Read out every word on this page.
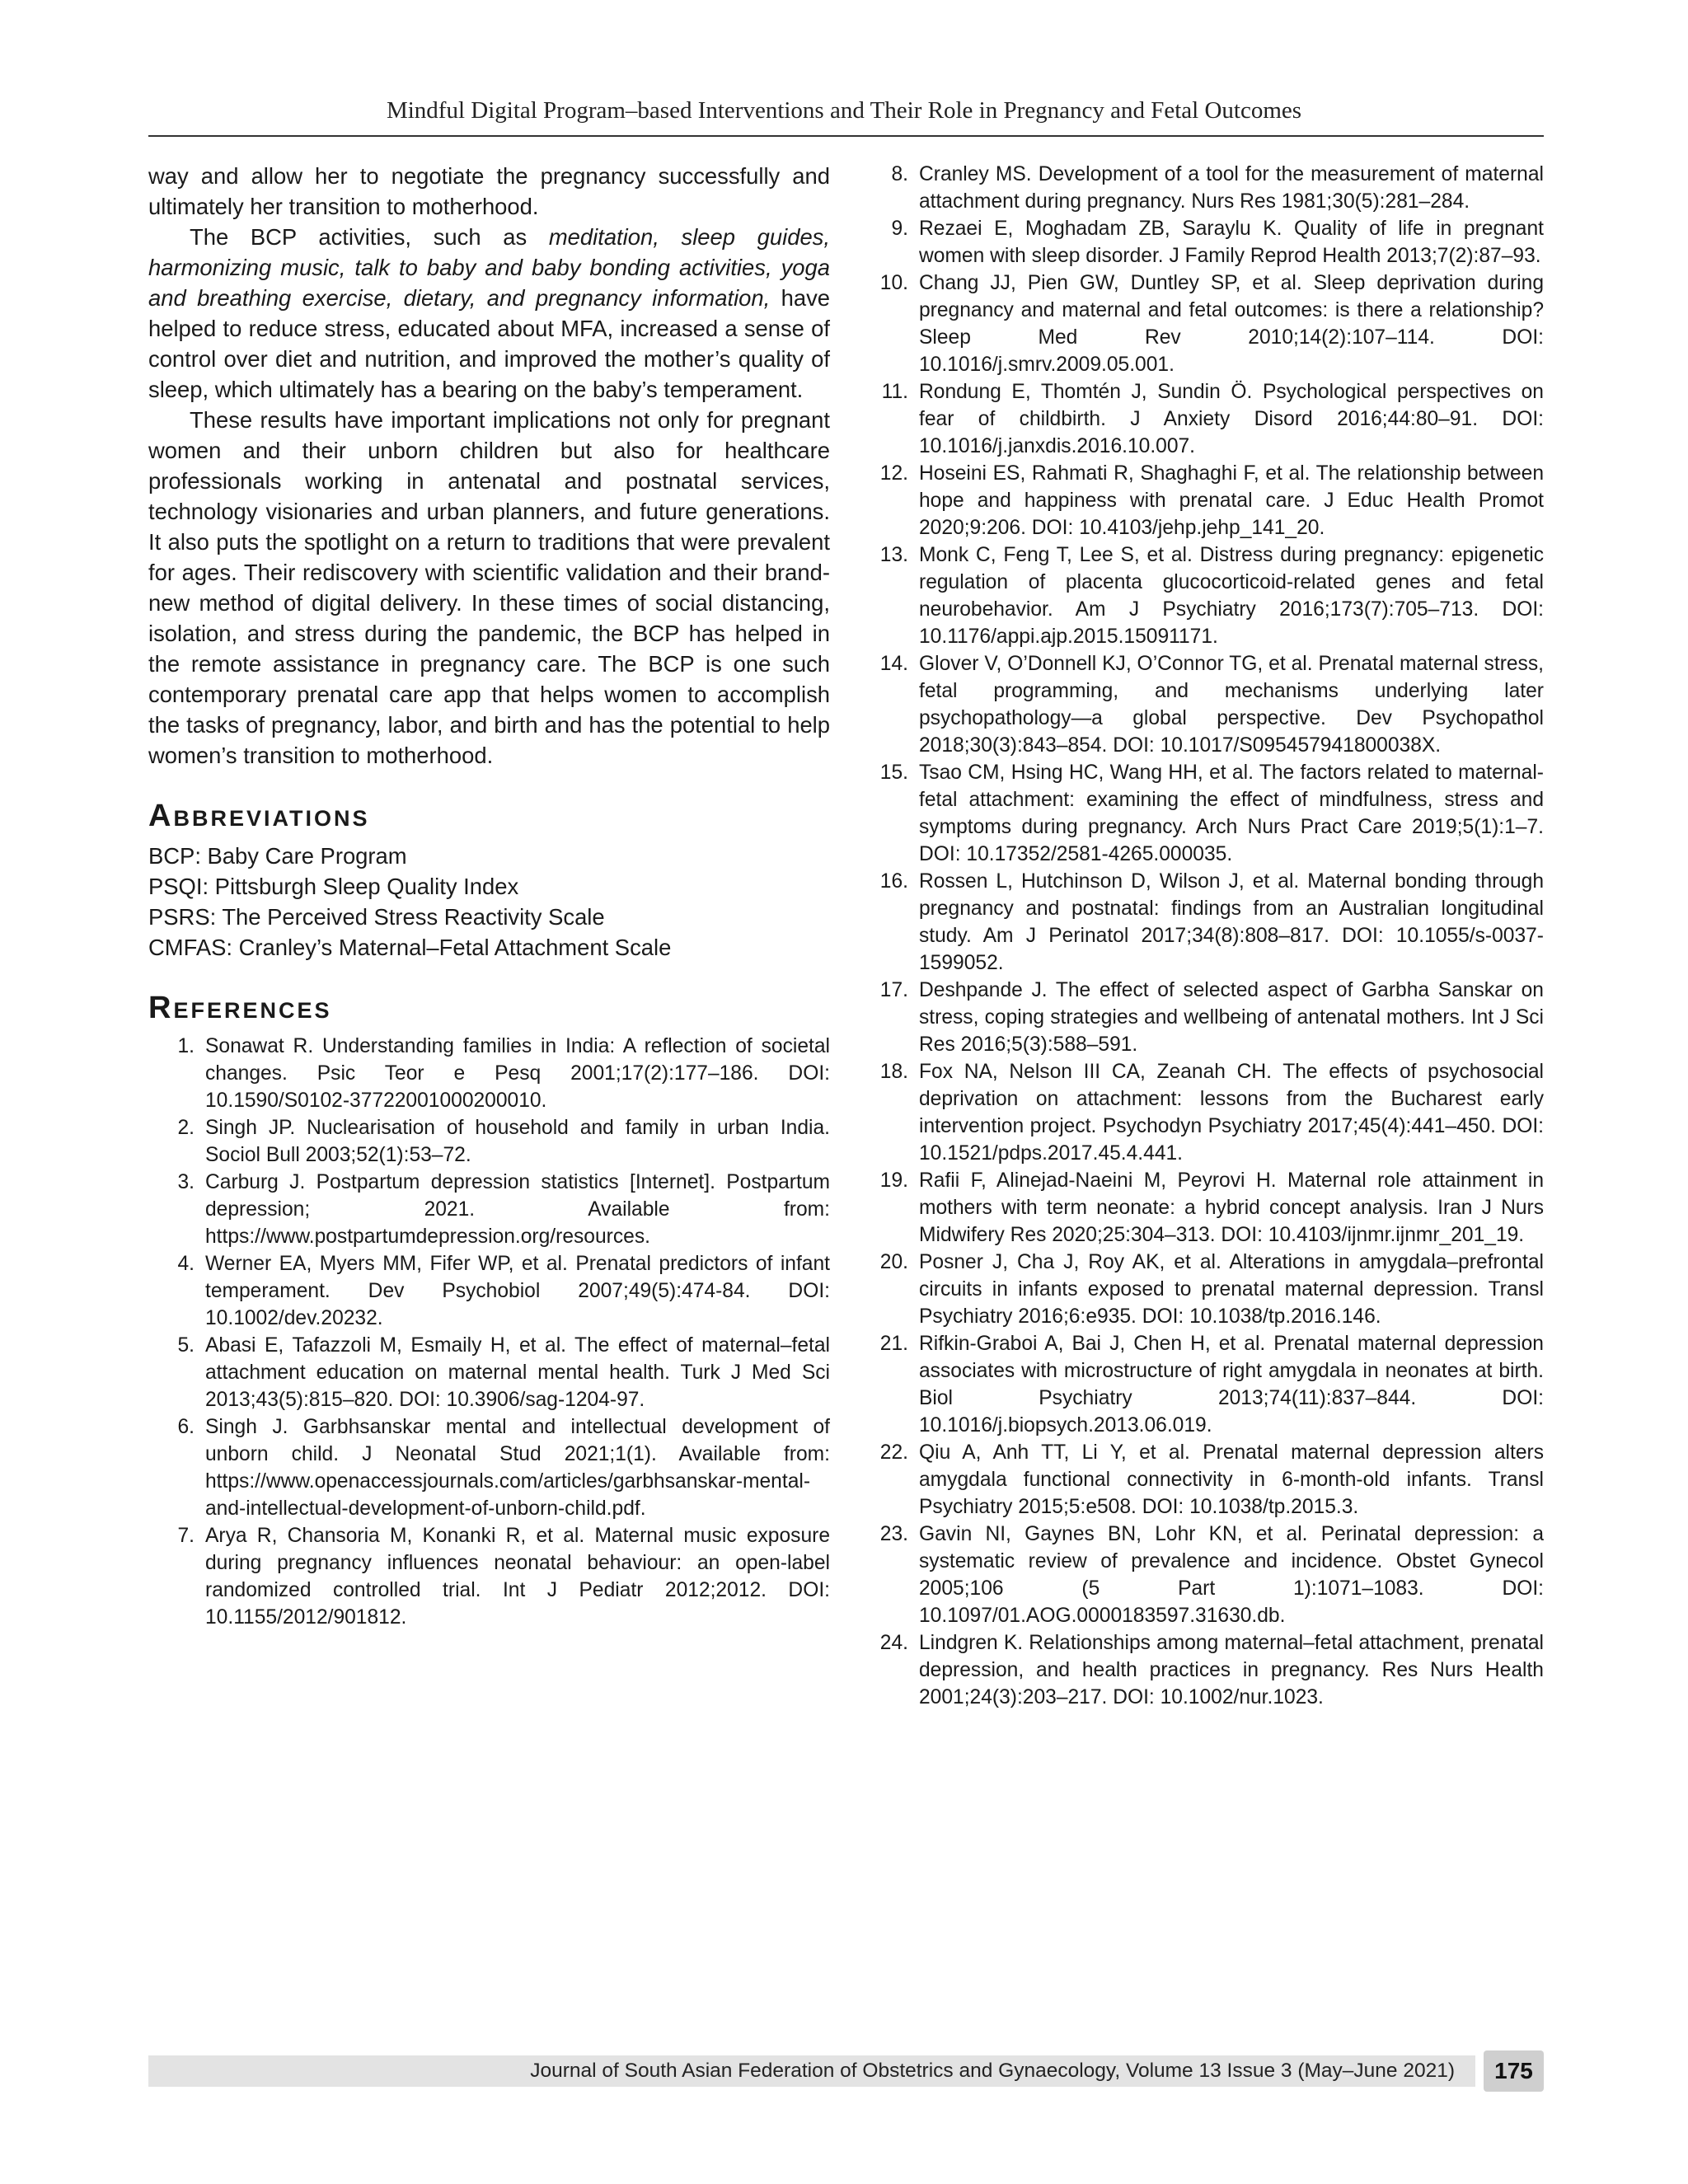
Mindful Digital Program–based Interventions and Their Role in Pregnancy and Fetal Outcomes

way and allow her to negotiate the pregnancy successfully and ultimately her transition to motherhood.

The BCP activities, such as meditation, sleep guides, harmonizing music, talk to baby and baby bonding activities, yoga and breathing exercise, dietary, and pregnancy information, have helped to reduce stress, educated about MFA, increased a sense of control over diet and nutrition, and improved the mother’s quality of sleep, which ultimately has a bearing on the baby’s temperament.

These results have important implications not only for pregnant women and their unborn children but also for healthcare professionals working in antenatal and postnatal services, technology visionaries and urban planners, and future generations. It also puts the spotlight on a return to traditions that were prevalent for ages. Their rediscovery with scientific validation and their brand-new method of digital delivery. In these times of social distancing, isolation, and stress during the pandemic, the BCP has helped in the remote assistance in pregnancy care. The BCP is one such contemporary prenatal care app that helps women to accomplish the tasks of pregnancy, labor, and birth and has the potential to help women’s transition to motherhood.

Abbreviations
BCP: Baby Care Program
PSQI: Pittsburgh Sleep Quality Index
PSRS: The Perceived Stress Reactivity Scale
CMFAS: Cranley’s Maternal–Fetal Attachment Scale
References
1. Sonawat R. Understanding families in India: A reflection of societal changes. Psic Teor e Pesq 2001;17(2):177–186. DOI: 10.1590/S0102-37722001000200010.
2. Singh JP. Nuclearisation of household and family in urban India. Sociol Bull 2003;52(1):53–72.
3. Carburg J. Postpartum depression statistics [Internet]. Postpartum depression; 2021. Available from: https://www.postpartumdepression.org/resources.
4. Werner EA, Myers MM, Fifer WP, et al. Prenatal predictors of infant temperament. Dev Psychobiol 2007;49(5):474-84. DOI: 10.1002/dev.20232.
5. Abasi E, Tafazzoli M, Esmaily H, et al. The effect of maternal–fetal attachment education on maternal mental health. Turk J Med Sci 2013;43(5):815–820. DOI: 10.3906/sag-1204-97.
6. Singh J. Garbhsanskar mental and intellectual development of unborn child. J Neonatal Stud 2021;1(1). Available from: https://www.openaccessjournals.com/articles/garbhsanskar-mental-and-intellectual-development-of-unborn-child.pdf.
7. Arya R, Chansoria M, Konanki R, et al. Maternal music exposure during pregnancy influences neonatal behaviour: an open-label randomized controlled trial. Int J Pediatr 2012;2012. DOI: 10.1155/2012/901812.
8. Cranley MS. Development of a tool for the measurement of maternal attachment during pregnancy. Nurs Res 1981;30(5):281–284.
9. Rezaei E, Moghadam ZB, Saraylu K. Quality of life in pregnant women with sleep disorder. J Family Reprod Health 2013;7(2):87–93.
10. Chang JJ, Pien GW, Duntley SP, et al. Sleep deprivation during pregnancy and maternal and fetal outcomes: is there a relationship? Sleep Med Rev 2010;14(2):107–114. DOI: 10.1016/j.smrv.2009.05.001.
11. Rondung E, Thomtén J, Sundin Ö. Psychological perspectives on fear of childbirth. J Anxiety Disord 2016;44:80–91. DOI: 10.1016/j.janxdis.2016.10.007.
12. Hoseini ES, Rahmati R, Shaghaghi F, et al. The relationship between hope and happiness with prenatal care. J Educ Health Promot 2020;9:206. DOI: 10.4103/jehp.jehp_141_20.
13. Monk C, Feng T, Lee S, et al. Distress during pregnancy: epigenetic regulation of placenta glucocorticoid-related genes and fetal neurobehavior. Am J Psychiatry 2016;173(7):705–713. DOI: 10.1176/appi.ajp.2015.15091171.
14. Glover V, O’Donnell KJ, O’Connor TG, et al. Prenatal maternal stress, fetal programming, and mechanisms underlying later psychopathology—a global perspective. Dev Psychopathol 2018;30(3):843–854. DOI: 10.1017/S095457941800038X.
15. Tsao CM, Hsing HC, Wang HH, et al. The factors related to maternal-fetal attachment: examining the effect of mindfulness, stress and symptoms during pregnancy. Arch Nurs Pract Care 2019;5(1):1–7. DOI: 10.17352/2581-4265.000035.
16. Rossen L, Hutchinson D, Wilson J, et al. Maternal bonding through pregnancy and postnatal: findings from an Australian longitudinal study. Am J Perinatol 2017;34(8):808–817. DOI: 10.1055/s-0037-1599052.
17. Deshpande J. The effect of selected aspect of Garbha Sanskar on stress, coping strategies and wellbeing of antenatal mothers. Int J Sci Res 2016;5(3):588–591.
18. Fox NA, Nelson III CA, Zeanah CH. The effects of psychosocial deprivation on attachment: lessons from the Bucharest early intervention project. Psychodyn Psychiatry 2017;45(4):441–450. DOI: 10.1521/pdps.2017.45.4.441.
19. Rafii F, Alinejad-Naeini M, Peyrovi H. Maternal role attainment in mothers with term neonate: a hybrid concept analysis. Iran J Nurs Midwifery Res 2020;25:304–313. DOI: 10.4103/ijnmr.ijnmr_201_19.
20. Posner J, Cha J, Roy AK, et al. Alterations in amygdala–prefrontal circuits in infants exposed to prenatal maternal depression. Transl Psychiatry 2016;6:e935. DOI: 10.1038/tp.2016.146.
21. Rifkin-Graboi A, Bai J, Chen H, et al. Prenatal maternal depression associates with microstructure of right amygdala in neonates at birth. Biol Psychiatry 2013;74(11):837–844. DOI: 10.1016/j.biopsych.2013.06.019.
22. Qiu A, Anh TT, Li Y, et al. Prenatal maternal depression alters amygdala functional connectivity in 6-month-old infants. Transl Psychiatry 2015;5:e508. DOI: 10.1038/tp.2015.3.
23. Gavin NI, Gaynes BN, Lohr KN, et al. Perinatal depression: a systematic review of prevalence and incidence. Obstet Gynecol 2005;106 (5 Part 1):1071–1083. DOI: 10.1097/01.AOG.0000183597.31630.db.
24. Lindgren K. Relationships among maternal–fetal attachment, prenatal depression, and health practices in pregnancy. Res Nurs Health 2001;24(3):203–217. DOI: 10.1002/nur.1023.
Journal of South Asian Federation of Obstetrics and Gynaecology, Volume 13 Issue 3 (May–June 2021)	175
